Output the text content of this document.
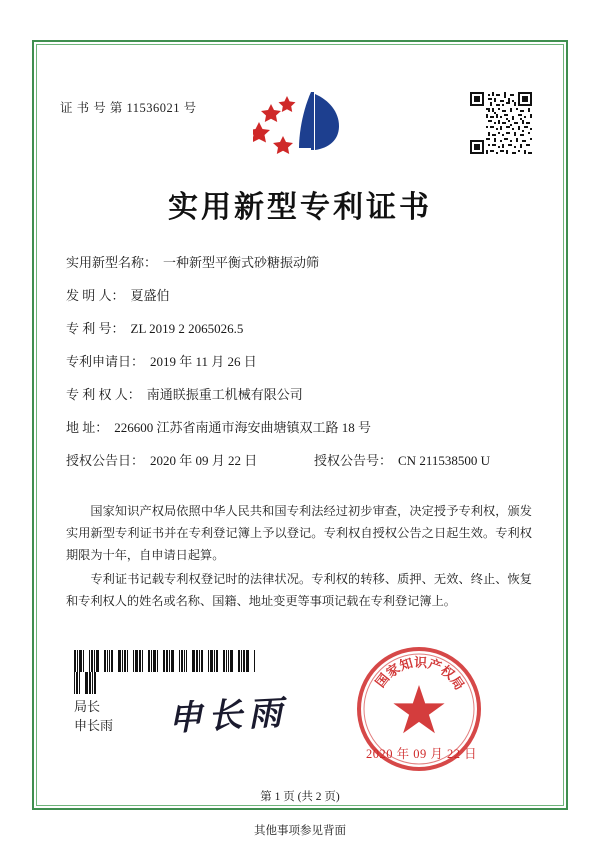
证 书 号 第 11536021 号
实用新型专利证书
实用新型名称： 一种新型平衡式砂糖振动筛
发 明 人： 夏盛伯
专 利 号： ZL 2019 2 2065026.5
专利申请日： 2019 年 11 月 26 日
专 利 权 人： 南通眹振重工机械有限公司
地 址： 226600 江苏省南通市海安曲塘镇双工路 18 号
授权公告日： 2020 年 09 月 22 日	授权公告号： CN 211538500 U

国家知识产权局依照中华人民共和国专利法经过初步审查，决定授予专利权，颁发实用新型专利证书并在专利登记簿上予以登记。专利权自授权公告之日起生效。专利权期限为十年，自申请日起算。

专利证书记载专利权登记时的法律状况。专利权的转移、质押、无效、终止、恢复和专利权人的姓名或名称、国籍、地址变更等事项记载在专利登记簿上。

局长
申长雨 申长雨
国
家
知 识
产
权
局
2020 年 09 月 22 日
第 1 页 (共 2 页)
其他事项参见背面
